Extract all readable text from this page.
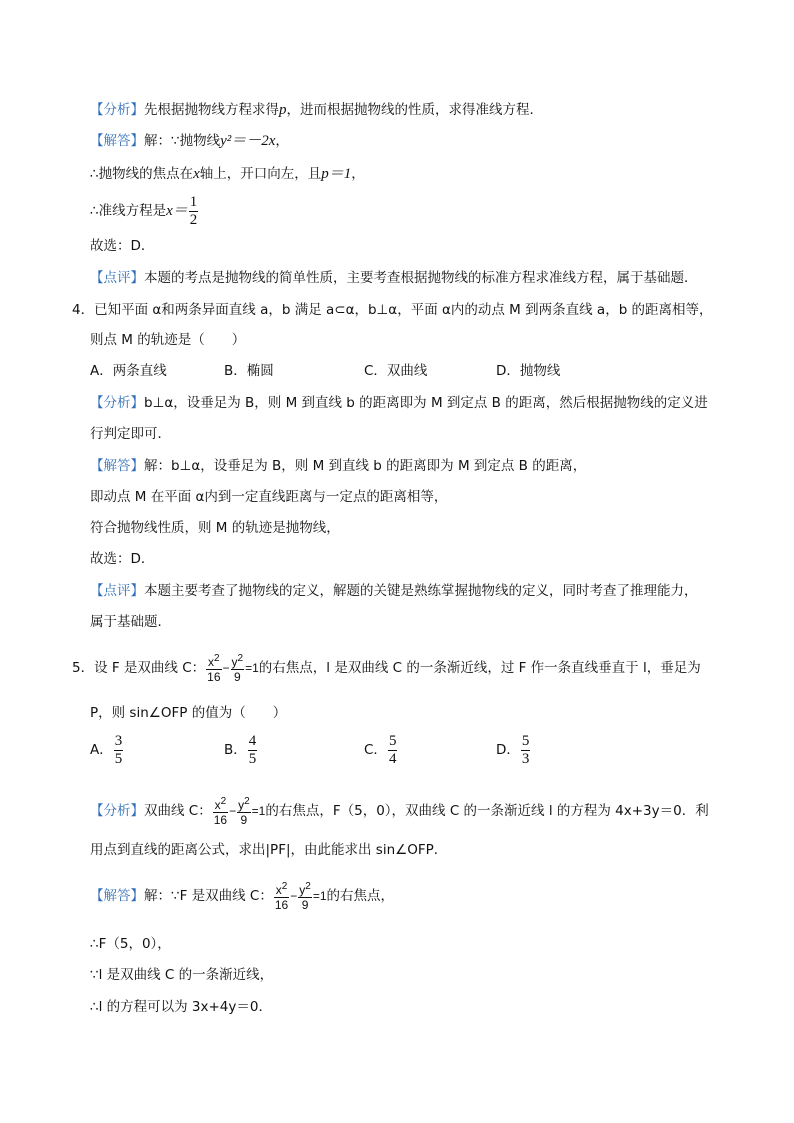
【分析】先根据抛物线方程求得p，进而根据抛物线的性质，求得准线方程．
【解答】解：∵抛物线y²＝－2x，
∴抛物线的焦点在x轴上，开口向左，且p＝1，
∴准线方程是$x= \frac{1}{2}$
故选：D．
【点评】本题的考点是抛物线的简单性质，主要考查根据抛物线的标准方程求准线方程，属于基础题．
4．已知平面 α和两条异面直线 a，b 满足 a⊂α，b⊥α，平面 α内的动点 M 到两条直线 a，b 的距离相等，
则点 M 的轨迹是（　　）
A．两条直线	B．椭圆	C．双曲线	D．抛物线
【分析】b⊥α，设垂足为 B，则 M 到直线 b 的距离即为 M 到定点 B 的距离，然后根据抛物线的定义进
行判定即可．
【解答】解：b⊥α，设垂足为 B，则 M 到直线 b 的距离即为 M 到定点 B 的距离，
即动点 M 在平面 α内到一定直线距离与一定点的距离相等，
符合抛物线性质，则 M 的轨迹是抛物线，
故选：D．
【点评】本题主要考查了抛物线的定义，解题的关键是熟练掌握抛物线的定义，同时考查了推理能力，
属于基础题．
5．设 F 是双曲线 C： $\frac{x^2}{16} - \frac{y^2}{9} =1$的右焦点，l 是双曲线 C 的一条渐近线，过 F 作一条直线垂直于 l，垂足为
P，则 sin∠OFP 的值为（　　）
A． $\frac{3}{5}$	B． $\frac{4}{5}$	C． $\frac{5}{4}$	D． $\frac{5}{3}$
【分析】双曲线 C： $\frac{x^2}{16} - \frac{y^2}{9} =1$的右焦点，F（5，0），双曲线 C 的一条渐近线 l 的方程为 4x+3y＝0．利
用点到直线的距离公式，求出|PF|，由此能求出 sin∠OFP．
【解答】解：∵F 是双曲线 C： $\frac{x^2}{16} - \frac{y^2}{9} =1$的右焦点，
∴F（5，0），
∵l 是双曲线 C 的一条渐近线，
∴l 的方程可以为 3x+4y＝0．
